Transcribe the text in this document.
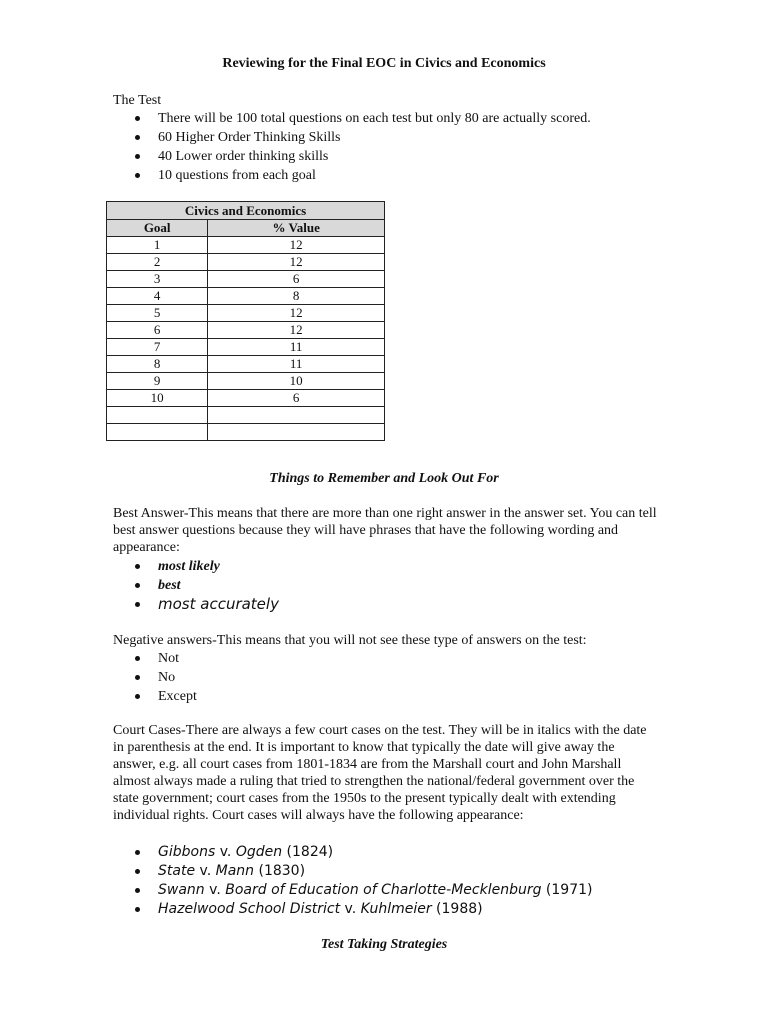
Reviewing for the Final EOC in Civics and Economics
The Test
There will be 100 total questions on each test but only 80 are actually scored.
60 Higher Order Thinking Skills
40 Lower order thinking skills
10 questions from each goal
Civics and Economics	
Goal	% Value
1	12
2	12
3	6
4	8
5	12
6	12
7	11
8	11
9	10
10	6

Things to Remember and Look Out For
Best Answer-This means that there are more than one right answer in the answer set. You can tell best answer questions because they will have phrases that have the following wording and appearance:
most likely
best
most accurately
Negative answers-This means that you will not see these type of answers on the test:
Not
No
Except
Court Cases-There are always a few court cases on the test. They will be in italics with the date in parenthesis at the end. It is important to know that typically the date will give away the answer, e.g. all court cases from 1801-1834 are from the Marshall court and John Marshall almost always made a ruling that tried to strengthen the national/federal government over the state government; court cases from the 1950s to the present typically dealt with extending individual rights. Court cases will always have the following appearance:
Gibbons v. Ogden (1824)
State v. Mann (1830)
Swann v. Board of Education of Charlotte-Mecklenburg (1971)
Hazelwood School District v. Kuhlmeier (1988)
Test Taking Strategies
